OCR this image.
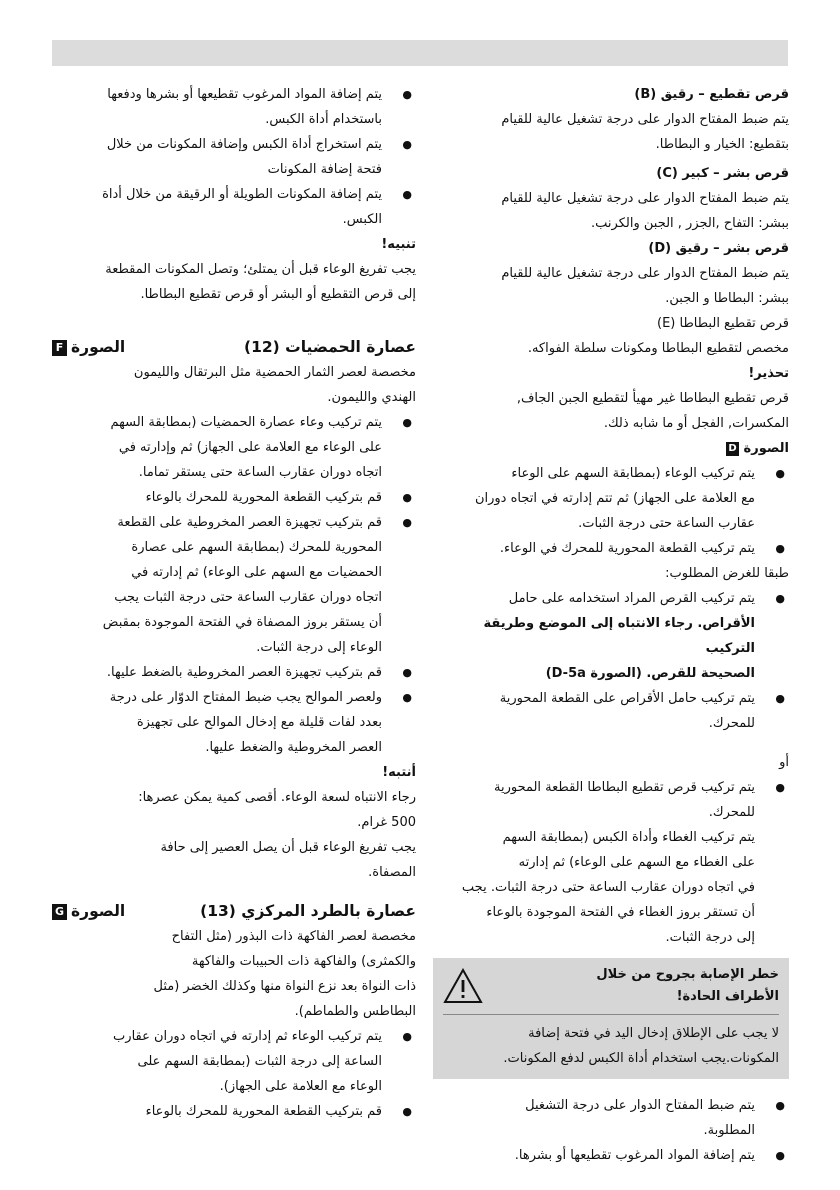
قرص تقطيع – رقيق (B)
يتم ضبط المفتاح الدوار على درجة تشغيل عالية للقيام
بتقطيع: الخيار و البطاطا.
قرص بشر – كبير (C)
يتم ضبط المفتاح الدوار على درجة تشغيل عالية للقيام
ببشر: التفاح ,الجزر , الجبن والكرنب.
قرص بشر – رقيق (D)
يتم ضبط المفتاح الدوار على درجة تشغيل عالية للقيام
ببشر: البطاطا و الجبن.
قرص تقطيع البطاطا (E)
مخصص لتقطيع البطاطا ومكونات سلطة الفواكه.
تحذير!
قرص تقطيع البطاطا غير مهيأ لتقطيع الجبن الجاف,
المكسرات, الفجل أو ما شابه ذلك.
الصورة D
● يتم تركيب الوعاء (بمطابقة السهم على الوعاء
مع العلامة على الجهاز) ثم تتم إدارته في اتجاه دوران
عقارب الساعة حتى درجة الثبات.
● يتم تركيب القطعة المحورية للمحرك في الوعاء.
طبقا للغرض المطلوب:
● يتم تركيب القرص المراد استخدامه على حامل
الأقراص. رجاء الانتباه إلى الموضع وطريقة التركيب
الصحيحة للقرص. (الصورة D-5a)
● يتم تركيب حامل الأقراص على القطعة المحورية
للمحرك.
أو
● يتم تركيب قرص تقطيع البطاطا القطعة المحورية
للمحرك.
يتم تركيب الغطاء وأداة الكبس (بمطابقة السهم
على الغطاء مع السهم على الوعاء) ثم إدارته
في اتجاه دوران عقارب الساعة حتى درجة الثبات. يجب
أن تستقر بروز الغطاء في الفتحة الموجودة بالوعاء
إلى درجة الثبات.
خطر الإصابة بجروح من خلال الأطراف الحادة!
لا يجب على الإطلاق إدخال اليد في فتحة إضافة
المكونات.يجب استخدام أداة الكبس لدفع المكونات.
● يتم ضبط المفتاح الدوار على درجة التشغيل
المطلوبة.
● يتم إضافة المواد المرغوب تقطيعها أو بشرها.
● يتم إضافة المواد المرغوب تقطيعها أو بشرها ودفعها
باستخدام أداة الكبس.
● يتم استخراج أداة الكبس وإضافة المكونات من خلال
فتحة إضافة المكونات
● يتم إضافة المكونات الطويلة أو الرقيقة من خلال أداة
الكبس.
تنبيه!
يجب تفريغ الوعاء قبل أن يمتلئ؛ وتصل المكونات المقطعة
إلى قرص التقطيع أو البشر أو قرص تقطيع البطاطا.
عصارة الحمضيات (12)
الصورة
F
مخصصة لعصر الثمار الحمضية مثل البرتقال والليمون
الهندي والليمون.
● يتم تركيب وعاء عصارة الحمضيات (بمطابقة السهم
على الوعاء مع العلامة على الجهاز) ثم وإدارته في
اتجاه دوران عقارب الساعة حتى يستقر تماما.
● قم بتركيب القطعة المحورية للمحرك بالوعاء
● قم بتركيب تجهيزة العصر المخروطية على القطعة
المحورية للمحرك (بمطابقة السهم على عصارة
الحمضيات مع السهم على الوعاء) ثم إدارته في
اتجاه دوران عقارب الساعة حتى درجة الثبات يجب
أن يستقر بروز المصفاة في الفتحة الموجودة بمقبض
الوعاء إلى درجة الثبات.
● قم بتركيب تجهيزة العصر المخروطية بالضغط عليها.
● ولعصر الموالح يجب ضبط المفتاح الدوّار على درجة
بعدد لفات قليلة مع إدخال الموالح على تجهيزة
العصر المخروطية والضغط عليها.
أنتبه!
رجاء الانتباه لسعة الوعاء. أقصى كمية يمكن عصرها:
500 غرام.
يجب تفريغ الوعاء قبل أن يصل العصير إلى حافة
المصفاة.
عصارة بالطرد المركزي (13)
الصورة
G
مخصصة لعصر الفاكهة ذات البذور (مثل التفاح
والكمثرى) والفاكهة ذات الحبيبات والفاكهة
ذات النواة بعد نزع النواة منها وكذلك الخضر (مثل
البطاطس والطماطم).
● يتم تركيب الوعاء ثم إدارته في اتجاه دوران عقارب
الساعة إلى درجة الثبات (بمطابقة السهم على
الوعاء مع العلامة على الجهاز).
● قم بتركيب القطعة المحورية للمحرك بالوعاء
